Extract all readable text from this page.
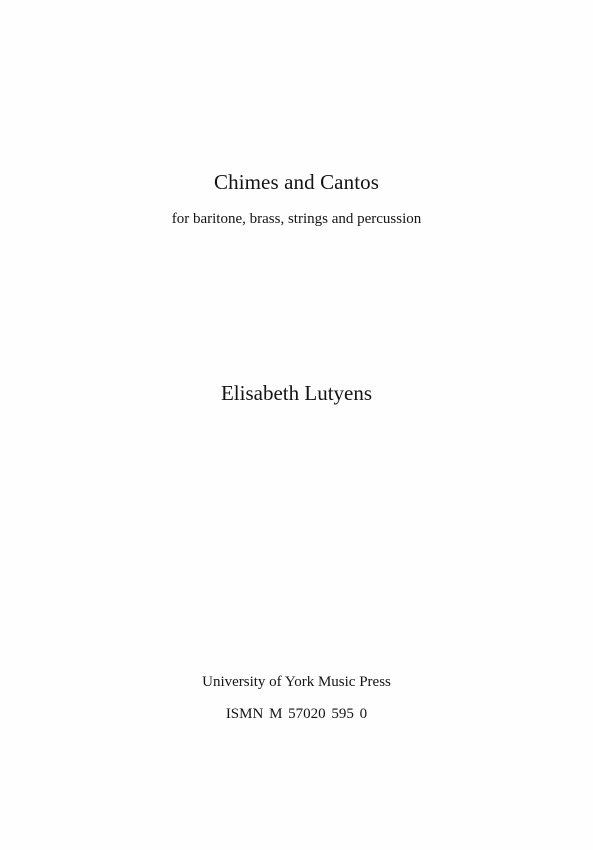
Chimes and Cantos
for baritone, brass, strings and percussion
Elisabeth Lutyens
University of York Music Press
ISMN M 57020 595 0
